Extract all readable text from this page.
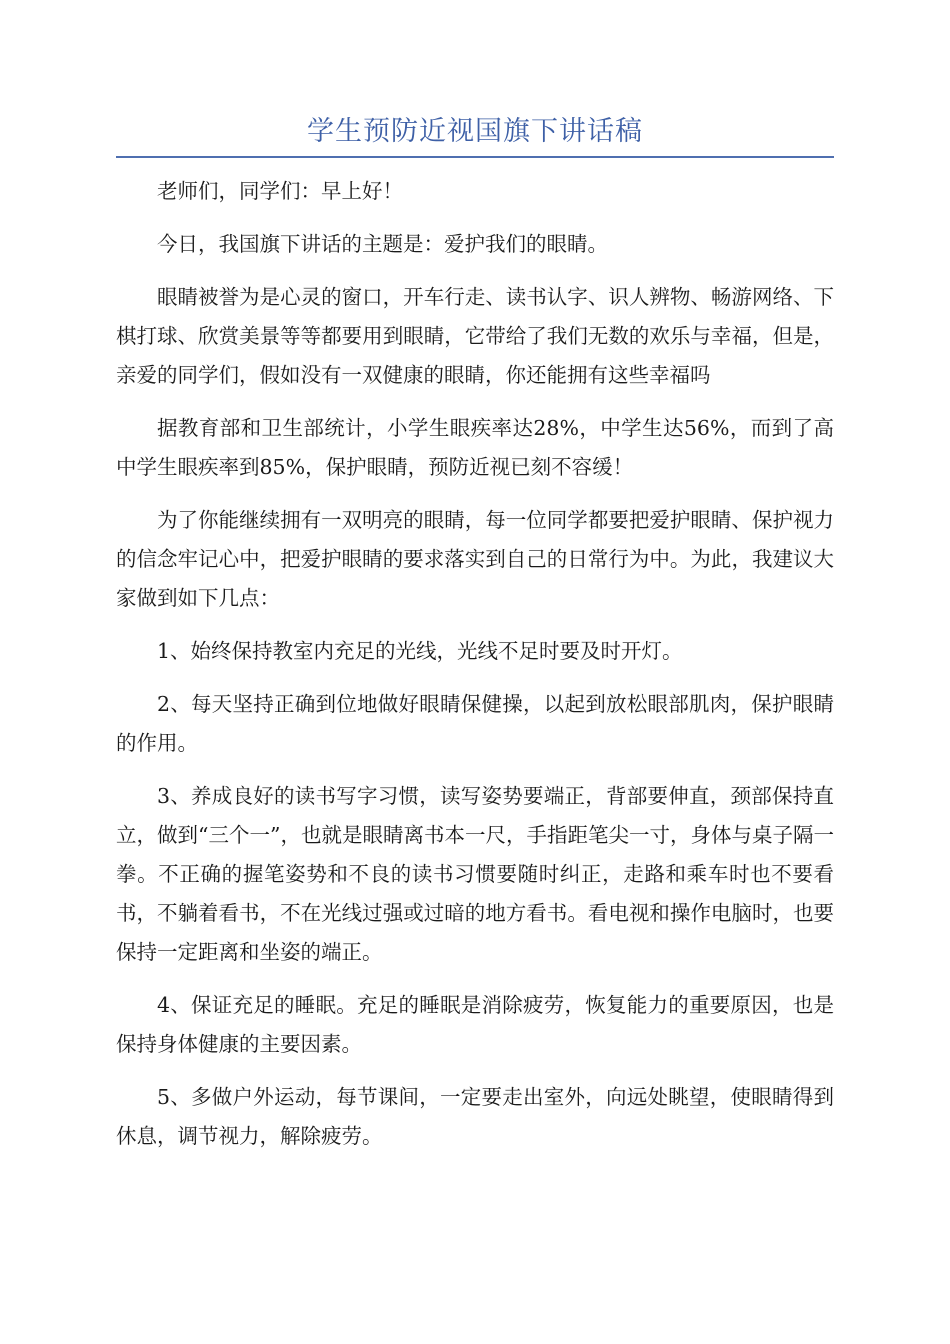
学生预防近视国旗下讲话稿

老师们，同学们：早上好！

今日，我国旗下讲话的主题是：爱护我们的眼睛。

眼睛被誉为是心灵的窗口，开车行走、读书认字、识人辨物、畅游网络、下棋打球、欣赏美景等等都要用到眼睛，它带给了我们无数的欢乐与幸福，但是，亲爱的同学们，假如没有一双健康的眼睛，你还能拥有这些幸福吗

据教育部和卫生部统计，小学生眼疾率达28%，中学生达56%，而到了高中学生眼疾率到85%，保护眼睛，预防近视已刻不容缓！

为了你能继续拥有一双明亮的眼睛，每一位同学都要把爱护眼睛、保护视力的信念牢记心中，把爱护眼睛的要求落实到自己的日常行为中。为此，我建议大家做到如下几点：

1、始终保持教室内充足的光线，光线不足时要及时开灯。

2、每天坚持正确到位地做好眼睛保健操，以起到放松眼部肌肉，保护眼睛的作用。

3、养成良好的读书写字习惯，读写姿势要端正，背部要伸直，颈部保持直立，做到“三个一”，也就是眼睛离书本一尺，手指距笔尖一寸，身体与桌子隔一拳。不正确的握笔姿势和不良的读书习惯要随时纠正，走路和乘车时也不要看书，不躺着看书，不在光线过强或过暗的地方看书。看电视和操作电脑时，也要保持一定距离和坐姿的端正。

4、保证充足的睡眠。充足的睡眠是消除疲劳，恢复能力的重要原因，也是保持身体健康的主要因素。

5、多做户外运动，每节课间，一定要走出室外，向远处眺望，使眼睛得到休息，调节视力，解除疲劳。
